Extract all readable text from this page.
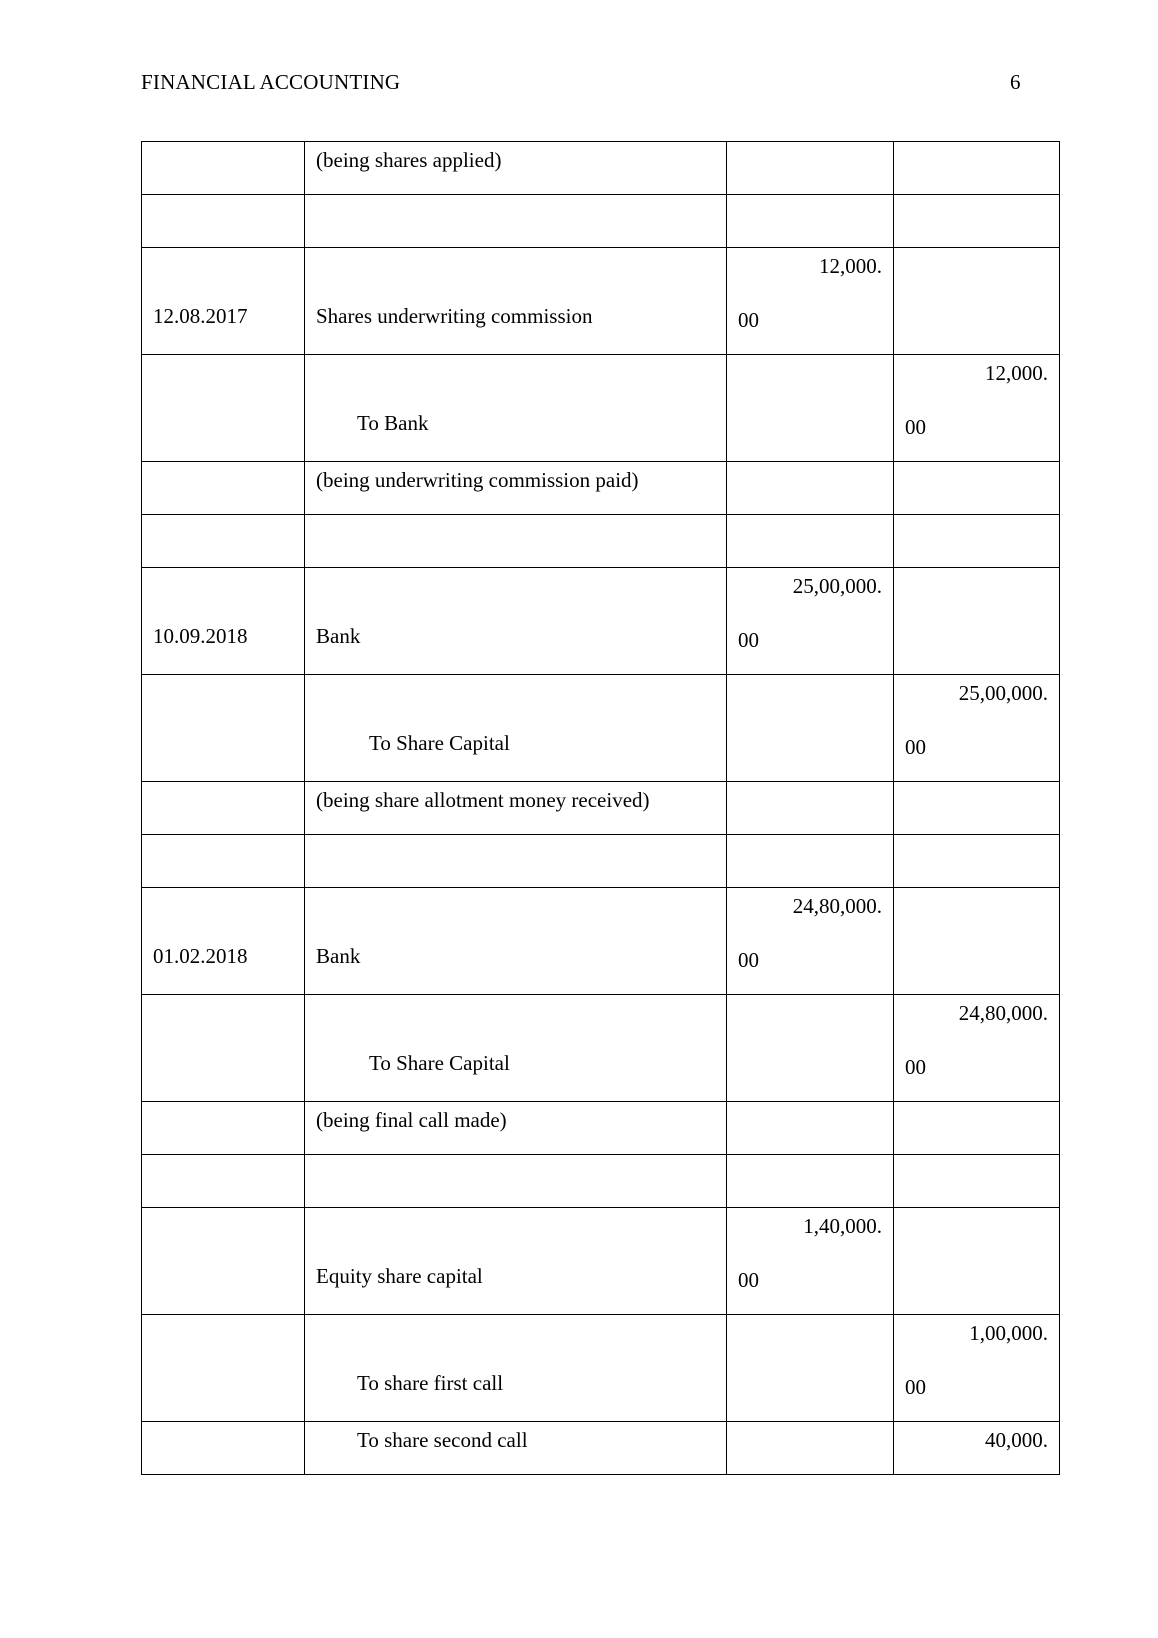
FINANCIAL ACCOUNTING	6

	(being shares applied)		

12.08.2017	Shares underwriting commission	12,000.
00	

	To Bank		12,000.
00

	(being underwriting commission paid)		

10.09.2018	Bank	25,00,000.
00	

	To Share Capital		25,00,000.
00

	(being share allotment money received)		

01.02.2018	Bank	24,80,000.
00	

	To Share Capital		24,80,000.
00

	(being final call made)		

	Equity share capital	1,40,000.
00	

	To share first call		1,00,000.
00

	To share second call		40,000.
